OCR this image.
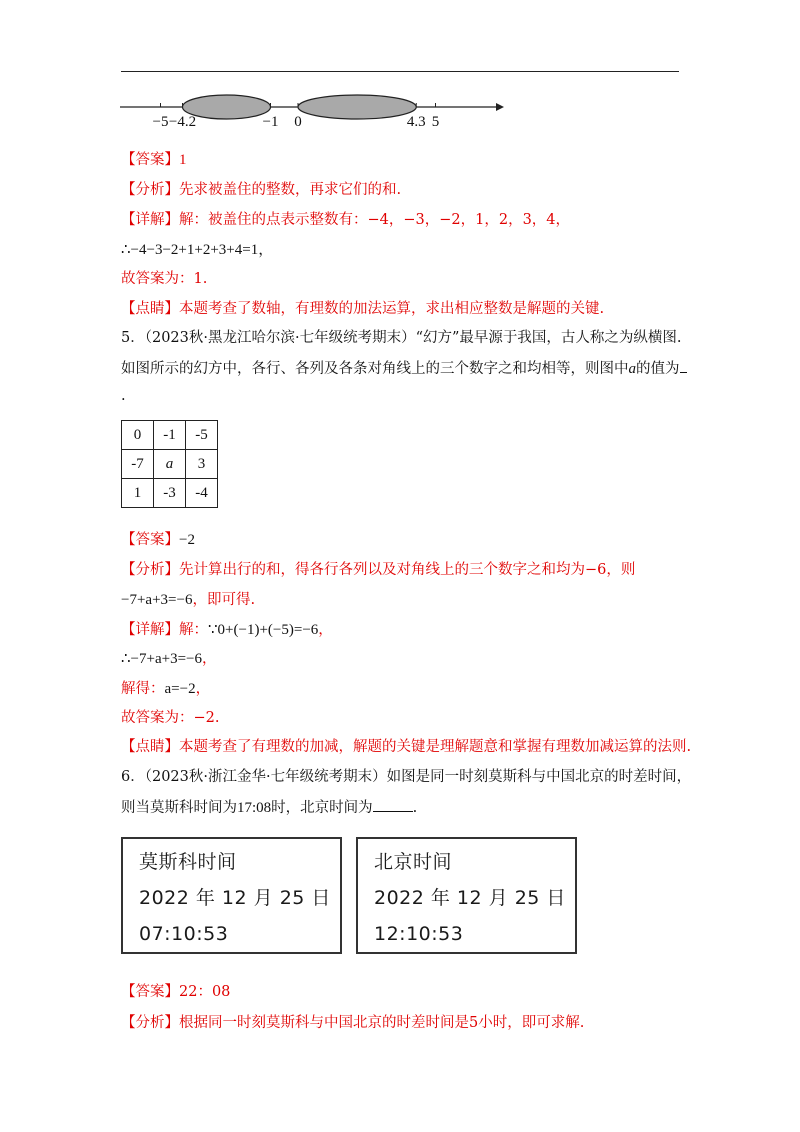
−5 −4.2	−1 0	4.3 5
【答案】1
【分析】先求被盖住的整数，再求它们的和.
【详解】解：被盖住的点表示整数有：−4，−3，−2，1，2，3，4，
∴−4−3−2+1+2+3+4=1，
故答案为：1.
【点睛】本题考查了数轴，有理数的加法运算，求出相应整数是解题的关键.
5．（2023秋·黑龙江哈尔滨·七年级统考期末）“幻方”最早源于我国，古人称之为纵横图.
如图所示的幻方中，各行、各列及各条对角线上的三个数字之和均相等，则图中a的值为
.
0	-1	-5
-7	a	3
1	-3	-4
【答案】−2
【分析】先计算出行的和，得各行各列以及对角线上的三个数字之和均为−6，则
−7+a+3=−6，即可得.
【详解】解：∵0+(−1)+(−5)=−6，
∴−7+a+3=−6，
解得：a=−2，
故答案为：−2.
【点睛】本题考查了有理数的加减，解题的关键是理解题意和掌握有理数加减运算的法则.
6．（2023秋·浙江金华·七年级统考期末）如图是同一时刻莫斯科与中国北京的时差时间，
则当莫斯科时间为17:08时，北京时间为	.
莫斯科时间
2022 年 12 月 25 日
07:10:53
北京时间
2022 年 12 月 25 日
12:10:53
【答案】22：08
【分析】根据同一时刻莫斯科与中国北京的时差时间是5小时，即可求解.
